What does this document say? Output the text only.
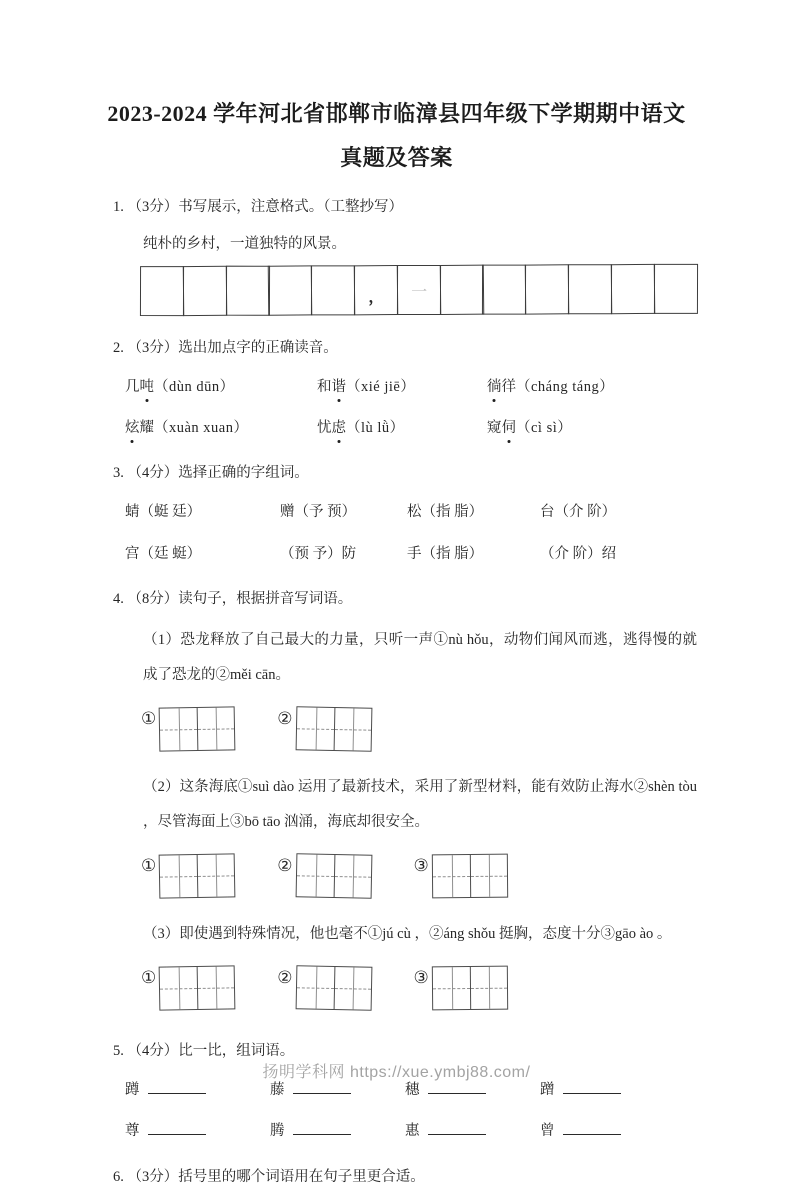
2023-2024 学年河北省邯郸市临漳县四年级下学期期中语文
真题及答案
1. （3分）书写展示，注意格式。（工整抄写）
纯朴的乡村，一道独特的风景。
，	一
2. （3分）选出加点字的正确读音。
几吨（dùn dūn）	和谐（xié jiē）	徜徉（cháng táng）
炫耀（xuàn xuan）	忧虑（lù lǜ）	窥伺（cì sì）
3. （4分）选择正确的字组词。
蜻（蜓 廷）	赠（予 预）	松（指 脂）	台（介 阶）
宫（廷 蜓）	（预 予）防	手（指 脂）	（介 阶）绍
4. （8分）读句子，根据拼音写词语。
（1）恐龙释放了自己最大的力量，只听一声①nù hǒu，动物们闻风而逃，逃得慢的就成了恐龙的②měi cān。
①	②
（2）这条海底①suì dào 运用了最新技术，采用了新型材料，能有效防止海水②shèn tòu ，尽管海面上③bō tāo 汹涌，海底却很安全。
①	②	③
（3）即使遇到特殊情况，他也毫不①jú cù ，②áng shǒu 挺胸，态度十分③gāo ào 。
①	②	③
5. （4分）比一比，组词语。
蹲	藤	穗	蹭
尊	腾	惠	曾
6. （3分）括号里的哪个词语用在句子里更合适。
扬明学科网 https://xue.ymbj88.com/
